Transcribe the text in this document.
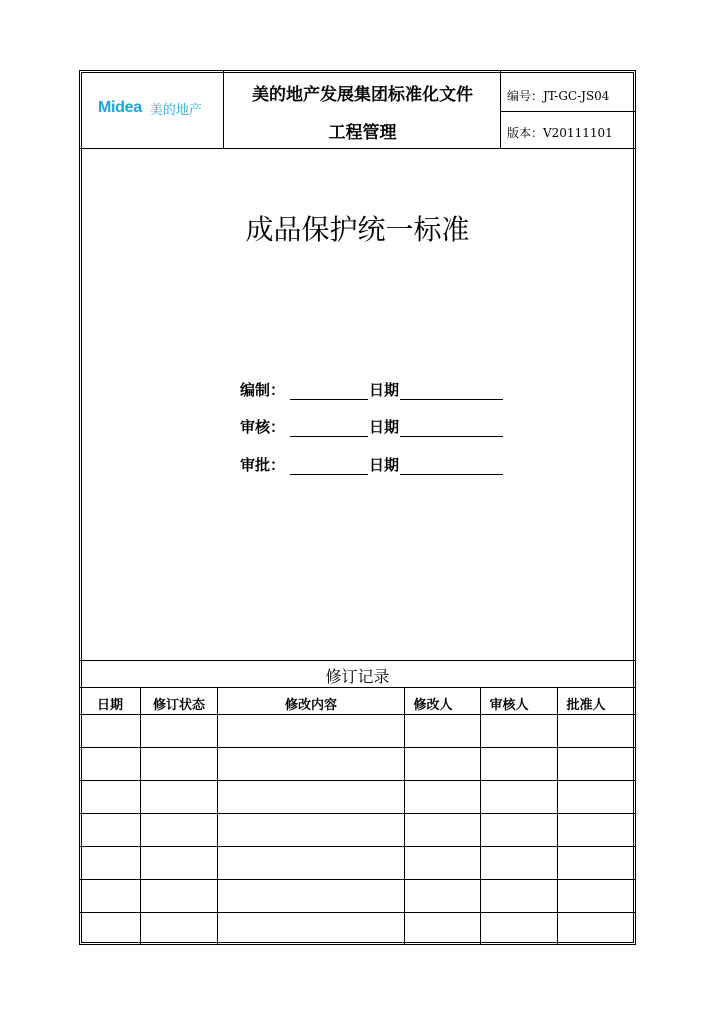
Midea 美的地产
美的地产发展集团标准化文件
工程管理
编号：JT-GC-JS04
版本：V20111101
成品保护统一标准
编制：	日期
审核：	日期
审批：	日期
修订记录
日期	修订状态	修改内容	修改人	审核人	批准人
